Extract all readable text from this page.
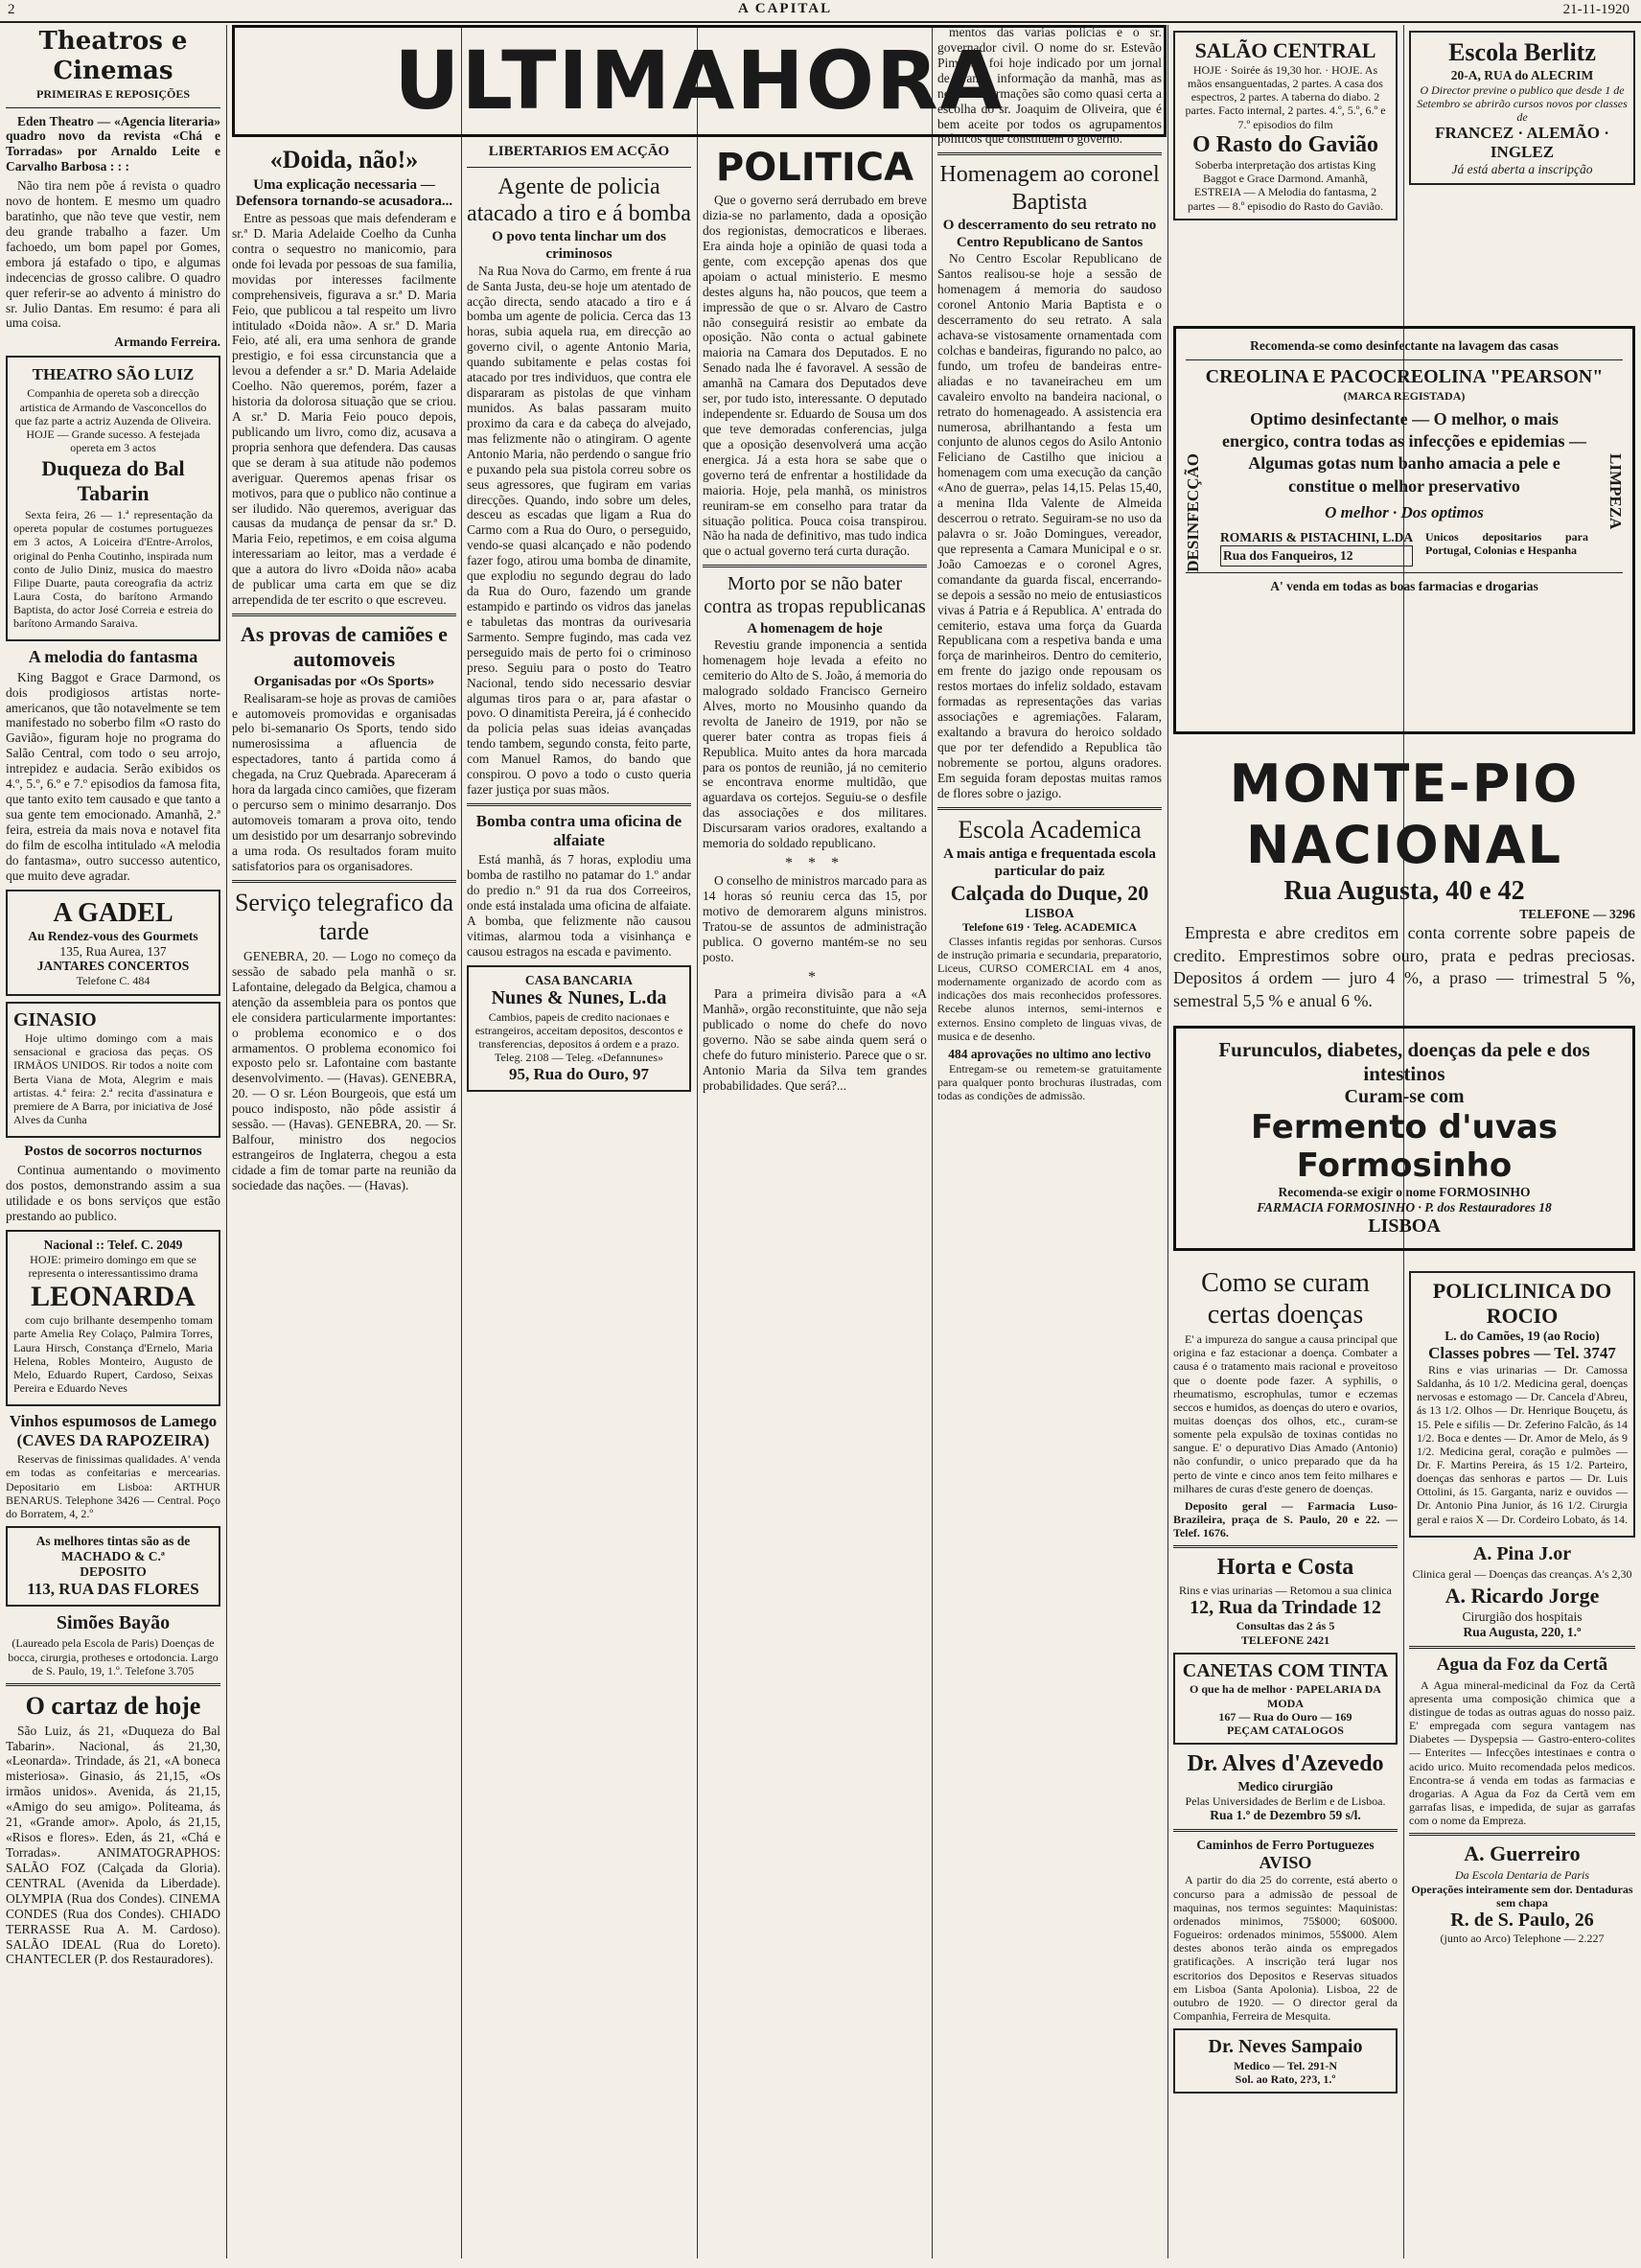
2	A CAPITAL	21-11-1920
Theatros e Cinemas
PRIMEIRAS E REPOSIÇÕES

Eden Theatro — «Agencia literaria» quadro novo da revista «Chá e Torradas» por Arnaldo Leite e Carvalho Barbosa : : :

Não tira nem põe á revista o quadro novo de hontem. E mesmo um quadro baratinho, que não teve que vestir, nem deu grande trabalho a fazer. Um fachoedo, um bom papel por Gomes, embora já estafado o tipo, e algumas indecencias de grosso calibre. O quadro quer referir-se ao advento á ministro do sr. Julio Dantas. Em resumo: é para ali uma coisa.

Armando Ferreira.
THEATRO SÃO LUIZ
Companhia de opereta sob a direcção artistica de Armando de Vasconcellos do que faz parte a actriz Auzenda de Oliveira. HOJE — Grande sucesso. A festejada opereta em 3 actos
Duqueza do Bal Tabarin

Sexta feira, 26 — 1.ª representação da opereta popular de costumes portuguezes em 3 actos, A Loiceira d'Entre-Arrolos, original do Penha Coutinho, inspirada num conto de Julio Diniz, musica do maestro Filipe Duarte, pauta coreografia da actriz Laura Costa, do barítono Armando Baptista, do actor José Correia e estreia do barítono Armando Saraiva.

A melodia do fantasma

King Baggot e Grace Darmond, os dois prodigiosos artistas norte-americanos, que tão notavelmente se tem manifestado no soberbo film «O rasto do Gavião», figuram hoje no programa do Salão Central, com todo o seu arrojo, intrepidez e audacia. Serão exibidos os 4.º, 5.º, 6.º e 7.º episodios da famosa fita, que tanto exito tem causado e que tanto a sua gente tem emocionado. Amanhã, 2.ª feira, estreia da mais nova e notavel fita do film de escolha intitulado «A melodia do fantasma», outro successo autentico, que muito deve agradar.

A GADEL
Au Rendez-vous des Gourmets
135, Rua Aurea, 137
JANTARES CONCERTOS
Telefone C. 484
GINASIO

Hoje ultimo domingo com a mais sensacional e graciosa das peças. OS IRMÃOS UNIDOS. Rir todos a noite com Berta Viana de Mota, Alegrim e mais artistas. 4.ª feira: 2.ª recita d'assinatura e premiere de A Barra, por iniciativa de José Alves da Cunha

Postos de socorros nocturnos

Continua aumentando o movimento dos postos, demonstrando assim a sua utilidade e os bons serviços que estão prestando ao publico.

Nacional :: Telef. C. 2049
HOJE: primeiro domingo em que se representa o interessantissimo drama
LEONARDA

com cujo brilhante desempenho tomam parte Amelia Rey Colaço, Palmira Torres, Laura Hirsch, Constança d'Ernelo, Maria Helena, Robles Monteiro, Augusto de Melo, Eduardo Rupert, Cardoso, Seixas Pereira e Eduardo Neves

Vinhos espumosos de Lamego (CAVES DA RAPOZEIRA)

Reservas de finissimas qualidades. A' venda em todas as confeitarias e mercearias. Depositario em Lisboa: ARTHUR BENARUS. Telephone 3426 — Central. Poço do Borratem, 4, 2.º

As melhores tintas são as de MACHADO & C.ª
DEPOSITO
113, RUA DAS FLORES
Simões Bayão
(Laureado pela Escola de Paris) Doenças de bocca, cirurgia, protheses e ortodoncia. Largo de S. Paulo, 19, 1.º. Telefone 3.705
O cartaz de hoje

São Luiz, ás 21, «Duqueza do Bal Tabarin». Nacional, ás 21,30, «Leonarda». Trindade, ás 21, «A boneca misteriosa». Ginasio, ás 21,15, «Os irmãos unidos». Avenida, ás 21,15, «Amigo do seu amigo». Politeama, ás 21, «Grande amor». Apolo, ás 21,15, «Risos e flores». Eden, ás 21, «Chá e Torradas». ANIMATOGRAPHOS: SALÃO FOZ (Calçada da Gloria). CENTRAL (Avenida da Liberdade). OLYMPIA (Rua dos Condes). CINEMA CONDES (Rua dos Condes). CHIADO TERRASSE Rua A. M. Cardoso). SALÃO IDEAL (Rua do Loreto). CHANTECLER (P. dos Restauradores).

ULTIMAHORA
«Doida, não!»
Uma explicação necessaria — Defensora tornando-se acusadora...

Entre as pessoas que mais defenderam e sr.ª D. Maria Adelaide Coelho da Cunha contra o sequestro no manicomio, para onde foi levada por pessoas de sua familia, movidas por interesses facilmente comprehensiveis, figurava a sr.ª D. Maria Feio, que publicou a tal respeito um livro intitulado «Doida não». A sr.ª D. Maria Feio, até ali, era uma senhora de grande prestigio, e foi essa circunstancia que a levou a defender a sr.ª D. Maria Adelaide Coelho. Não queremos, porém, fazer a historia da dolorosa situação que se criou. A sr.ª D. Maria Feio pouco depois, publicando um livro, como diz, acusava a propria senhora que defendera. Das causas que se deram à sua atitude não podemos averiguar. Queremos apenas frisar os motivos, para que o publico não continue a ser iludido. Não queremos, averiguar das causas da mudança de pensar da sr.ª D. Maria Feio, repetimos, e em coisa alguma interessariam ao leitor, mas a verdade é que a autora do livro «Doida não» acaba de publicar uma carta em que se diz arrependida de ter escrito o que escreveu.

As provas de camiões e automoveis
Organisadas por «Os Sports»

Realisaram-se hoje as provas de camiões e automoveis promovidas e organisadas pelo bi-semanario Os Sports, tendo sido numerosissima a afluencia de espectadores, tanto á partida como á chegada, na Cruz Quebrada. Apareceram á hora da largada cinco camiões, que fizeram o percurso sem o minimo desarranjo. Dos automoveis tomaram a prova oito, tendo um desistido por um desarranjo sobrevindo a uma roda. Os resultados foram muito satisfatorios para os organisadores.

Serviço telegrafico da tarde

GENEBRA, 20. — Logo no começo da sessão de sabado pela manhã o sr. Lafontaine, delegado da Belgica, chamou a atenção da assembleia para os pontos que ele considera particularmente importantes: o problema economico e o dos armamentos. O problema economico foi exposto pelo sr. Lafontaine com bastante desenvolvimento. — (Havas). GENEBRA, 20. — O sr. Léon Bourgeois, que está um pouco indisposto, não pôde assistir á sessão. — (Havas). GENEBRA, 20. — Sr. Balfour, ministro dos negocios estrangeiros de Inglaterra, chegou a esta cidade a fim de tomar parte na reunião da sociedade das nações. — (Havas).

LIBERTARIOS EM ACÇÃO
Agente de policia atacado a tiro e á bomba
O povo tenta linchar um dos criminosos

Na Rua Nova do Carmo, em frente á rua de Santa Justa, deu-se hoje um atentado de acção directa, sendo atacado a tiro e á bomba um agente de policia. Cerca das 13 horas, subia aquela rua, em direcção ao governo civil, o agente Antonio Maria, quando subitamente e pelas costas foi atacado por tres individuos, que contra ele dispararam as pistolas de que vinham munidos. As balas passaram muito proximo da cara e da cabeça do alvejado, mas felizmente não o atingiram. O agente Antonio Maria, não perdendo o sangue frio e puxando pela sua pistola correu sobre os seus agressores, que fugiram em varias direcções. Quando, indo sobre um deles, desceu as escadas que ligam a Rua do Carmo com a Rua do Ouro, o perseguido, vendo-se quasi alcançado e não podendo fazer fogo, atirou uma bomba de dinamite, que explodiu no segundo degrau do lado da Rua do Ouro, fazendo um grande estampido e partindo os vidros das janelas e tabuletas das montras da ourivesaria Sarmento. Sempre fugindo, mas cada vez perseguido mais de perto foi o criminoso preso. Seguiu para o posto do Teatro Nacional, tendo sido necessario desviar algumas tiros para o ar, para afastar o povo. O dinamitista Pereira, já é conhecido da policia pelas suas ideias avançadas tendo tambem, segundo consta, feito parte, com Manuel Ramos, do bando que conspirou. O povo a todo o custo queria fazer justiça por suas mãos.

Bomba contra uma oficina de alfaiate

Está manhã, ás 7 horas, explodiu uma bomba de rastilho no patamar do 1.º andar do predio n.º 91 da rua dos Correeiros, onde está instalada uma oficina de alfaiate. A bomba, que felizmente não causou vitimas, alarmou toda a visinhança e causou estragos na escada e pavimento.

CASA BANCARIA
Nunes & Nunes, L.da
Cambios, papeis de credito nacionaes e estrangeiros, acceitam depositos, descontos e transferencias, depositos á ordem e a prazo.
Teleg. 2108 — Teleg. «Defannunes»
95, Rua do Ouro, 97
POLITICA

Que o governo será derrubado em breve dizia-se no parlamento, dada a oposição dos regionistas, democraticos e liberaes. Era ainda hoje a opinião de quasi toda a gente, com excepção apenas dos que apoiam o actual ministerio. E mesmo destes alguns ha, não poucos, que teem a impressão de que o sr. Alvaro de Castro não conseguirá resistir ao embate da oposição. Não conta o actual gabinete maioria na Camara dos Deputados. E no Senado nada lhe é favoravel. A sessão de amanhã na Camara dos Deputados deve ser, por tudo isto, interessante. O deputado independente sr. Eduardo de Sousa um dos que teve demoradas conferencias, julga que a oposição desenvolverá uma acção energica. Já a esta hora se sabe que o governo terá de enfrentar a hostilidade da maioria. Hoje, pela manhã, os ministros reuniram-se em conselho para tratar da situação politica. Pouca coisa transpirou. Não ha nada de definitivo, mas tudo indica que o actual governo terá curta duração.

Morto por se não bater contra as tropas republicanas
A homenagem de hoje

Revestiu grande imponencia a sentida homenagem hoje levada a efeito no cemiterio do Alto de S. João, á memoria do malogrado soldado Francisco Gerneiro Alves, morto no Mousinho quando da revolta de Janeiro de 1919, por não se querer bater contra as tropas fieis á Republica. Muito antes da hora marcada para os pontos de reunião, já no cemiterio se encontrava enorme multidão, que aguardava os cortejos. Seguiu-se o desfile das associações e dos militares. Discursaram varios oradores, exaltando a memoria do soldado republicano.

* * *

O conselho de ministros marcado para as 14 horas só reuniu cerca das 15, por motivo de demorarem alguns ministros. Tratou-se de assuntos de administração publica. O governo mantém-se no seu posto.

*

Para a primeira divisão para a «A Manhã», orgão reconstituinte, que não seja publicado o nome do chefe do novo governo. Não se sabe ainda quem será o chefe do futuro ministerio. Parece que o sr. Antonio Maria da Silva tem grandes probabilidades. Que será?...

mentos das varias policias e o sr. governador civil. O nome do sr. Estevão Pimentel foi hoje indicado por um jornal de grande informação da manhã, mas as nossas informações são como quasi certa a escolha do sr. Joaquim de Oliveira, que é bem aceite por todos os agrupamentos politicos que constituem o governo.

Homenagem ao coronel Baptista
O descerramento do seu retrato no Centro Republicano de Santos

No Centro Escolar Republicano de Santos realisou-se hoje a sessão de homenagem á memoria do saudoso coronel Antonio Maria Baptista e o descerramento do seu retrato. A sala achava-se vistosamente ornamentada com colchas e bandeiras, figurando no palco, ao fundo, um trofeu de bandeiras entre-aliadas e no tavaneiracheu em um cavaleiro envolto na bandeira nacional, o retrato do homenageado. A assistencia era numerosa, abrilhantando a festa um conjunto de alunos cegos do Asilo Antonio Feliciano de Castilho que iniciou a homenagem com uma execução da canção «Ano de guerra», pelas 14,15. Pelas 15,40, a menina Ilda Valente de Almeida descerrou o retrato. Seguiram-se no uso da palavra o sr. João Domingues, vereador, que representa a Camara Municipal e o sr. João Camoezas e o coronel Agres, comandante da guarda fiscal, encerrando-se depois a sessão no meio de entusiasticos vivas á Patria e á Republica. A' entrada do cemiterio, estava uma força da Guarda Republicana com a respetiva banda e uma força de marinheiros. Dentro do cemiterio, em frente do jazigo onde repousam os restos mortaes do infeliz soldado, estavam formadas as representações das varias associações e agremiações. Falaram, exaltando a bravura do heroico soldado que por ter defendido a Republica tão nobremente se portou, alguns oradores. Em seguida foram depostas muitas ramos de flores sobre o jazigo.

Escola Academica
A mais antiga e frequentada escola particular do paiz
Calçada do Duque, 20
LISBOA
Telefone 619 · Teleg. ACADEMICA

Classes infantis regidas por senhoras. Cursos de instrução primaria e secundaria, preparatorio, Liceus, CURSO COMERCIAL em 4 anos, modernamente organizado de acordo com as indicações dos mais reconhecidos professores. Recebe alunos internos, semi-internos e externos. Ensino completo de linguas vivas, de musica e de desenho.

484 aprovações no ultimo ano lectivo

Entregam-se ou remetem-se gratuitamente para qualquer ponto brochuras ilustradas, com todas as condições de admissão.

SALÃO CENTRAL
HOJE · Soirée ás 19,30 hor. · HOJE. As mãos ensanguentadas, 2 partes. A casa dos espectros, 2 partes. A taberna do diabo. 2 partes. Facto internal, 2 partes. 4.º, 5.º, 6.º e 7.º episodios do film
O Rasto do Gavião
Soberba interpretação dos artistas King Baggot e Grace Darmond. Amanhã, ESTREIA — A Melodia do fantasma, 2 partes — 8.º episodio do Rasto do Gavião.
Escola Berlitz
20-A, RUA do ALECRIM
O Director previne o publico que desde 1 de Setembro se abrirão cursos novos por classes de
FRANCEZ · ALEMÃO · INGLEZ
Já está aberta a inscripção
Recomenda-se como desinfectante na lavagem das casas
CREOLINA E PACOCREOLINA "PEARSON"
(MARCA REGISTADA)
DESINFECÇÃO	LIMPEZA
Optimo desinfectante — O melhor, o mais energico, contra todas as infecções e epidemias — Algumas gotas num banho amacia a pele e constitue o melhor preservativo
O melhor · Dos optimos
ROMARIS & PISTACHINI, L.DA
Rua dos Fanqueiros, 12
Unicos depositarios para Portugal, Colonias e Hespanha
A' venda em todas as boas farmacias e drogarias
MONTE-PIO NACIONAL
Rua Augusta, 40 e 42
TELEFONE — 3296

Empresta e abre creditos em conta corrente sobre papeis de credito. Emprestimos sobre ouro, prata e pedras preciosas. Depositos á ordem — juro 4 %, a praso — trimestral 5 %, semestral 5,5 % e anual 6 %.

Furunculos, diabetes, doenças da pele e dos intestinos
Curam-se com
Fermento d'uvas Formosinho
Recomenda-se exigir o nome FORMOSINHO
FARMACIA FORMOSINHO · P. dos Restauradores 18
LISBOA
Como se curam certas doenças

E' a impureza do sangue a causa principal que origina e faz estacionar a doença. Combater a causa é o tratamento mais racional e proveitoso que o doente pode fazer. A syphilis, o rheumatismo, escrophulas, tumor e eczemas seccos e humidos, as doenças do utero e ovarios, muitas doenças dos olhos, etc., curam-se somente pela expulsão de toxinas contidas no sangue. E' o depurativo Dias Amado (Antonio) não confundir, o unico preparado que da ha perto de vinte e cinco anos tem feito milhares e milhares de curas d'este genero de doenças.

Deposito geral — Farmacia Luso-Brazileira, praça de S. Paulo, 20 e 22. — Telef. 1676.

Horta e Costa
Rins e vias urinarias — Retomou a sua clinica
12, Rua da Trindade 12
Consultas das 2 ás 5
TELEFONE 2421
CANETAS COM TINTA
O que ha de melhor · PAPELARIA DA MODA
167 — Rua do Ouro — 169
PEÇAM CATALOGOS
Dr. Alves d'Azevedo
Medico cirurgião
Pelas Universidades de Berlim e de Lisboa.
Rua 1.º de Dezembro 59 s/l.
Caminhos de Ferro Portuguezes
AVISO

A partir do dia 25 do corrente, está aberto o concurso para a admissão de pessoal de maquinas, nos termos seguintes: Maquinistas: ordenados minimos, 75$000; 60$000. Fogueiros: ordenados minimos, 55$000. Alem destes abonos terão ainda os empregados gratificações. A inscrição terá lugar nos escritorios dos Depositos e Reservas situados em Lisboa (Santa Apolonia). Lisboa, 22 de outubro de 1920. — O director geral da Companhia, Ferreira de Mesquita.

Dr. Neves Sampaio
Medico — Tel. 291-N
Sol. ao Rato, 2?3, 1.º
POLICLINICA DO ROCIO
L. do Camões, 19 (ao Rocio)
Classes pobres — Tel. 3747

Rins e vias urinarias — Dr. Camossa Saldanha, ás 10 1/2. Medicina geral, doenças nervosas e estomago — Dr. Cancela d'Abreu, ás 13 1/2. Olhos — Dr. Henrique Bouçetu, ás 15. Pele e sifilis — Dr. Zeferino Falcão, ás 14 1/2. Boca e dentes — Dr. Amor de Melo, ás 9 1/2. Medicina geral, coração e pulmões — Dr. F. Martins Pereira, ás 15 1/2. Parteiro, doenças das senhoras e partos — Dr. Luis Ottolini, ás 15. Garganta, nariz e ouvidos — Dr. Antonio Pina Junior, ás 16 1/2. Cirurgia geral e raios X — Dr. Cordeiro Lobato, ás 14.

A. Pina J.or
Clinica geral — Doenças das creanças. A's 2,30
A. Ricardo Jorge
Cirurgião dos hospitais
Rua Augusta, 220, 1.º
Agua da Foz da Certã

A Agua mineral-medicinal da Foz da Certã apresenta uma composição chimica que a distingue de todas as outras aguas do nosso paiz. E' empregada com segura vantagem nas Diabetes — Dyspepsia — Gastro-entero-colites — Enterites — Infecções intestinaes e contra o acido urico. Muito recomendada pelos medicos. Encontra-se á venda em todas as farmacias e drogarias. A Agua da Foz da Certã vem em garrafas lisas, e impedida, de sujar as garrafas com o nome da Empreza.

A. Guerreiro
Da Escola Dentaria de Paris
Operações inteiramente sem dor. Dentaduras sem chapa
R. de S. Paulo, 26
(junto ao Arco) Telephone — 2.227
